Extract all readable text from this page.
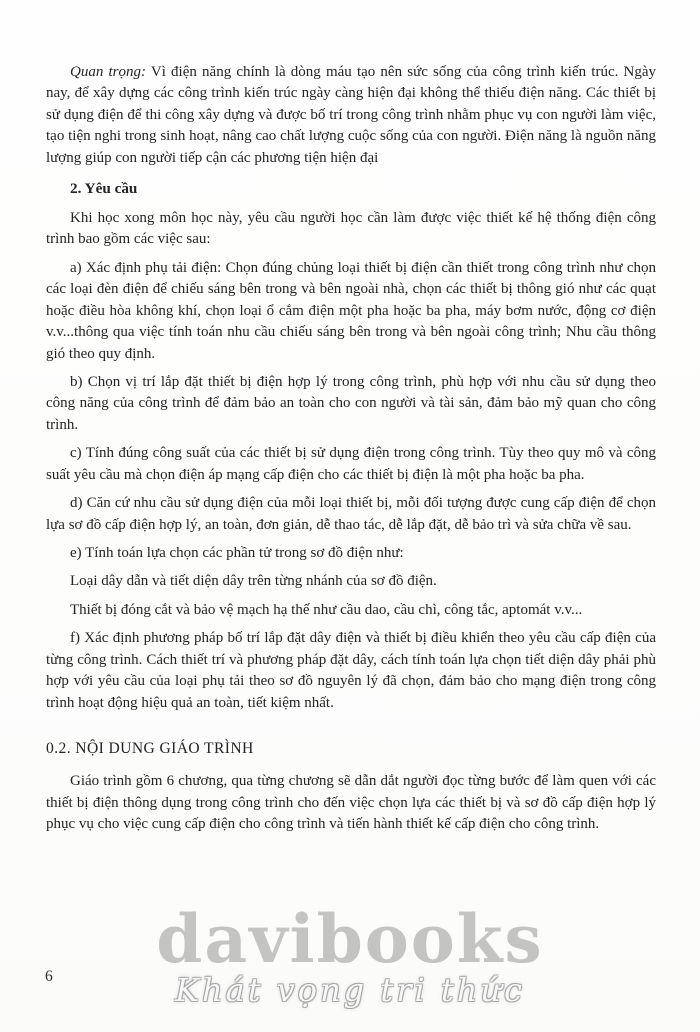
Quan trọng: Vì điện năng chính là dòng máu tạo nên sức sống của công trình kiến trúc. Ngày nay, để xây dựng các công trình kiến trúc ngày càng hiện đại không thể thiếu điện năng. Các thiết bị sử dụng điện để thi công xây dựng và được bố trí trong công trình nhằm phục vụ con người làm việc, tạo tiện nghi trong sinh hoạt, nâng cao chất lượng cuộc sống của con người. Điện năng là nguồn năng lượng giúp con người tiếp cận các phương tiện hiện đại

2. Yêu cầu

Khi học xong môn học này, yêu cầu người học cần làm được việc thiết kế hệ thống điện công trình bao gồm các việc sau:

a) Xác định phụ tải điện: Chọn đúng chủng loại thiết bị điện cần thiết trong công trình như chọn các loại đèn điện để chiếu sáng bên trong và bên ngoài nhà, chọn các thiết bị thông gió như các quạt hoặc điều hòa không khí, chọn loại ổ cắm điện một pha hoặc ba pha, máy bơm nước, động cơ điện v.v...thông qua việc tính toán nhu cầu chiếu sáng bên trong và bên ngoài công trình; Nhu cầu thông gió theo quy định.

b) Chọn vị trí lắp đặt thiết bị điện hợp lý trong công trình, phù hợp với nhu cầu sử dụng theo công năng của công trình để đảm bảo an toàn cho con người và tài sản, đảm bảo mỹ quan cho công trình.

c) Tính đúng công suất của các thiết bị sử dụng điện trong công trình. Tùy theo quy mô và công suất yêu cầu mà chọn điện áp mạng cấp điện cho các thiết bị điện là một pha hoặc ba pha.

d) Căn cứ nhu cầu sử dụng điện của mỗi loại thiết bị, mỗi đối tượng được cung cấp điện để chọn lựa sơ đồ cấp điện hợp lý, an toàn, đơn giản, dễ thao tác, dễ lắp đặt, dễ bảo trì và sửa chữa về sau.

e) Tính toán lựa chọn các phần tử trong sơ đồ điện như:

Loại dây dẫn và tiết diện dây trên từng nhánh của sơ đồ điện.

Thiết bị đóng cắt và bảo vệ mạch hạ thế như cầu dao, cầu chì, công tắc, aptomát v.v...

f) Xác định phương pháp bố trí lắp đặt dây điện và thiết bị điều khiển theo yêu cầu cấp điện của từng công trình. Cách thiết trí và phương pháp đặt dây, cách tính toán lựa chọn tiết diện dây phải phù hợp với yêu cầu của loại phụ tải theo sơ đồ nguyên lý đã chọn, đảm bảo cho mạng điện trong công trình hoạt động hiệu quả an toàn, tiết kiệm nhất.

0.2. NỘI DUNG GIÁO TRÌNH

Giáo trình gồm 6 chương, qua từng chương sẽ dẫn dắt người đọc từng bước để làm quen với các thiết bị điện thông dụng trong công trình cho đến việc chọn lựa các thiết bị và sơ đồ cấp điện hợp lý phục vụ cho việc cung cấp điện cho công trình và tiến hành thiết kế cấp điện cho công trình.

davibooks
Khát vọng tri thức
6
